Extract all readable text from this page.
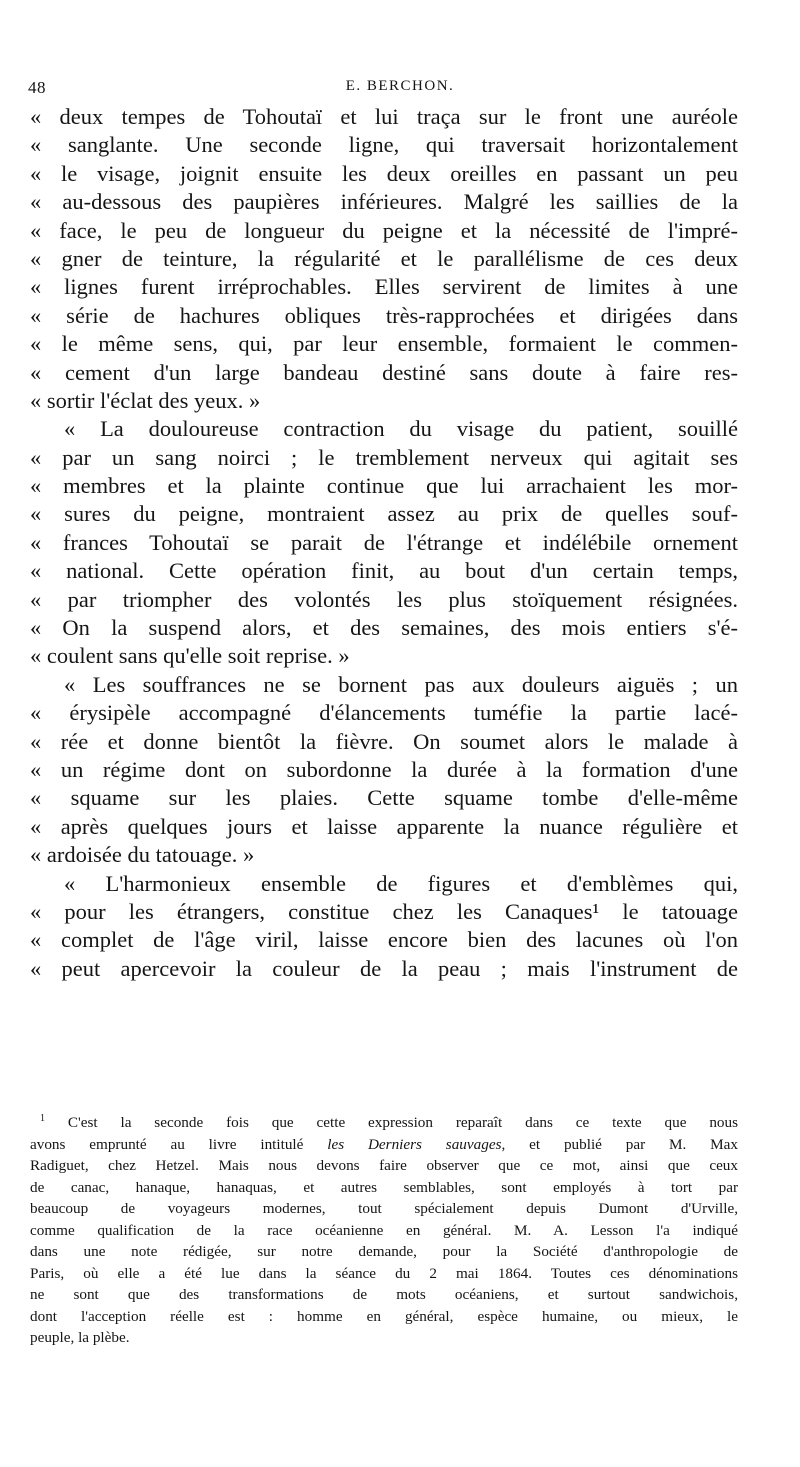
48	E. BERCHON.
« deux tempes de Tohoutaï et lui traça sur le front une auréole
« sanglante. Une seconde ligne, qui traversait horizontalement
« le visage, joignit ensuite les deux oreilles en passant un peu
« au-dessous des paupières inférieures. Malgré les saillies de la
« face, le peu de longueur du peigne et la nécessité de l'impré-
« gner de teinture, la régularité et le parallélisme de ces deux
« lignes furent irréprochables. Elles servirent de limites à une
« série de hachures obliques très-rapprochées et dirigées dans
« le même sens, qui, par leur ensemble, formaient le commen-
« cement d'un large bandeau destiné sans doute à faire res-
« sortir l'éclat des yeux. »
« La douloureuse contraction du visage du patient, souillé
« par un sang noirci ; le tremblement nerveux qui agitait ses
« membres et la plainte continue que lui arrachaient les mor-
« sures du peigne, montraient assez au prix de quelles souf-
« frances Tohoutaï se parait de l'étrange et indélébile ornement
« national. Cette opération finit, au bout d'un certain temps,
« par triompher des volontés les plus stoïquement résignées.
« On la suspend alors, et des semaines, des mois entiers s'é-
« coulent sans qu'elle soit reprise. »
« Les souffrances ne se bornent pas aux douleurs aiguës ; un
« érysipèle accompagné d'élancements tuméfie la partie lacé-
« rée et donne bientôt la fièvre. On soumet alors le malade à
« un régime dont on subordonne la durée à la formation d'une
« squame sur les plaies. Cette squame tombe d'elle-même
« après quelques jours et laisse apparente la nuance régulière et
« ardoisée du tatouage. »
« L'harmonieux ensemble de figures et d'emblèmes qui,
« pour les étrangers, constitue chez les Canaques¹ le tatouage
« complet de l'âge viril, laisse encore bien des lacunes où l'on
« peut apercevoir la couleur de la peau ; mais l'instrument de
$^1$ C'est la seconde fois que cette expression reparaît dans ce texte que nous
avons emprunté au livre intitulé les Derniers sauvages, et publié par M. Max
Radiguet, chez Hetzel. Mais nous devons faire observer que ce mot, ainsi que ceux
de canac, hanaque, hanaquas, et autres semblables, sont employés à tort par
beaucoup de voyageurs modernes, tout spécialement depuis Dumont d'Urville,
comme qualification de la race océanienne en général. M. A. Lesson l'a indiqué
dans une note rédigée, sur notre demande, pour la Société d'anthropologie de
Paris, où elle a été lue dans la séance du 2 mai 1864. Toutes ces dénominations
ne sont que des transformations de mots océaniens, et surtout sandwichois,
dont l'acception réelle est : homme en général, espèce humaine, ou mieux, le
peuple, la plèbe.
